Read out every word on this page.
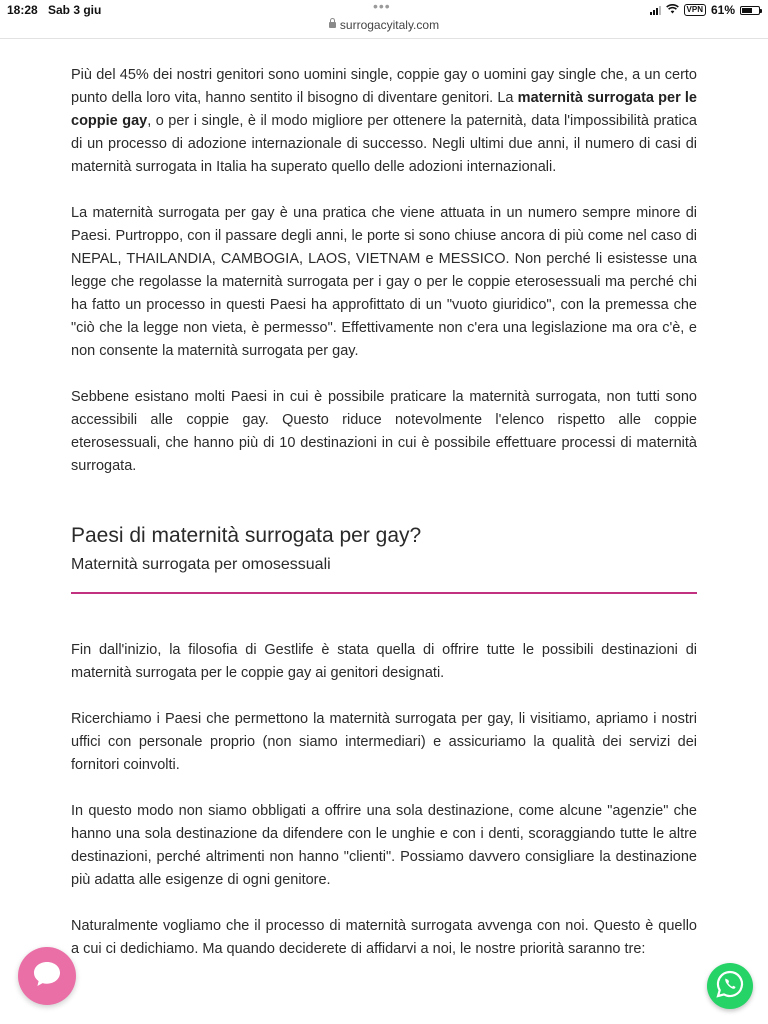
18:28 Sab 3 giu	•••
surrogacyitaly.com
VPN 61%

Più del 45% dei nostri genitori sono uomini single, coppie gay o uomini gay single che, a un certo punto della loro vita, hanno sentito il bisogno di diventare genitori. La maternità surrogata per le coppie gay, o per i single, è il modo migliore per ottenere la paternità, data l'impossibilità pratica di un processo di adozione internazionale di successo. Negli ultimi due anni, il numero di casi di maternità surrogata in Italia ha superato quello delle adozioni internazionali.

La maternità surrogata per gay è una pratica che viene attuata in un numero sempre minore di Paesi. Purtroppo, con il passare degli anni, le porte si sono chiuse ancora di più come nel caso di NEPAL, THAILANDIA, CAMBOGIA, LAOS, VIETNAM e MESSICO. Non perché li esistesse una legge che regolasse la maternità surrogata per i gay o per le coppie eterosessuali ma perché chi ha fatto un processo in questi Paesi ha approfittato di un "vuoto giuridico", con la premessa che "ciò che la legge non vieta, è permesso". Effettivamente non c'era una legislazione ma ora c'è, e non consente la maternità surrogata per gay.

Sebbene esistano molti Paesi in cui è possibile praticare la maternità surrogata, non tutti sono accessibili alle coppie gay. Questo riduce notevolmente l'elenco rispetto alle coppie eterosessuali, che hanno più di 10 destinazioni in cui è possibile effettuare processi di maternità surrogata.

Paesi di maternità surrogata per gay?
Maternità surrogata per omosessuali

Fin dall'inizio, la filosofia di Gestlife è stata quella di offrire tutte le possibili destinazioni di maternità surrogata per le coppie gay ai genitori designati.

Ricerchiamo i Paesi che permettono la maternità surrogata per gay, li visitiamo, apriamo i nostri uffici con personale proprio (non siamo intermediari) e assicuriamo la qualità dei servizi dei fornitori coinvolti.

In questo modo non siamo obbligati a offrire una sola destinazione, come alcune "agenzie" che hanno una sola destinazione da difendere con le unghie e con i denti, scoraggiando tutte le altre destinazioni, perché altrimenti non hanno "clienti". Possiamo davvero consigliare la destinazione più adatta alle esigenze di ogni genitore.

Naturalmente vogliamo che il processo di maternità surrogata avvenga con noi. Questo è quello a cui ci dedichiamo. Ma quando deciderete di affidarvi a noi, le nostre priorità saranno tre:
